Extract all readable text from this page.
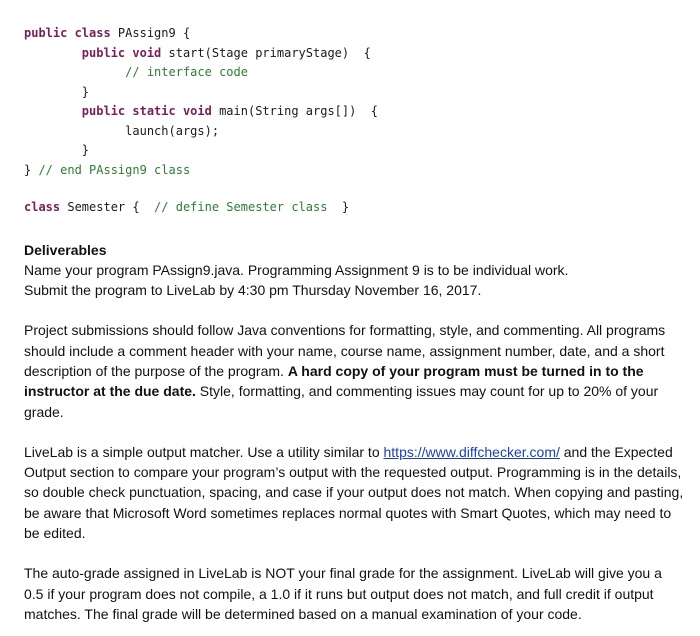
public class PAssign9 {
public void start(Stage primaryStage)  {
// interface code
}
public static void main(String args[])  {
launch(args);
}
} // end PAssign9 class
class Semester {  // define Semester class  }
Deliverables

Name your program PAssign9.java. Programming Assignment 9 is to be individual work.
Submit the program to LiveLab by 4:30 pm Thursday November 16, 2017.

Project submissions should follow Java conventions for formatting, style, and commenting. All programs should include a comment header with your name, course name, assignment number, date, and a short description of the purpose of the program. A hard copy of your program must be turned in to the instructor at the due date. Style, formatting, and commenting issues may count for up to 20% of your grade.

LiveLab is a simple output matcher. Use a utility similar to https://www.diffchecker.com/ and the Expected Output section to compare your program’s output with the requested output. Programming is in the details, so double check punctuation, spacing, and case if your output does not match. When copying and pasting, be aware that Microsoft Word sometimes replaces normal quotes with Smart Quotes, which may need to be edited.

The auto-grade assigned in LiveLab is NOT your final grade for the assignment. LiveLab will give you a 0.5 if your program does not compile, a 1.0 if it runs but output does not match, and full credit if output matches. The final grade will be determined based on a manual examination of your code.
